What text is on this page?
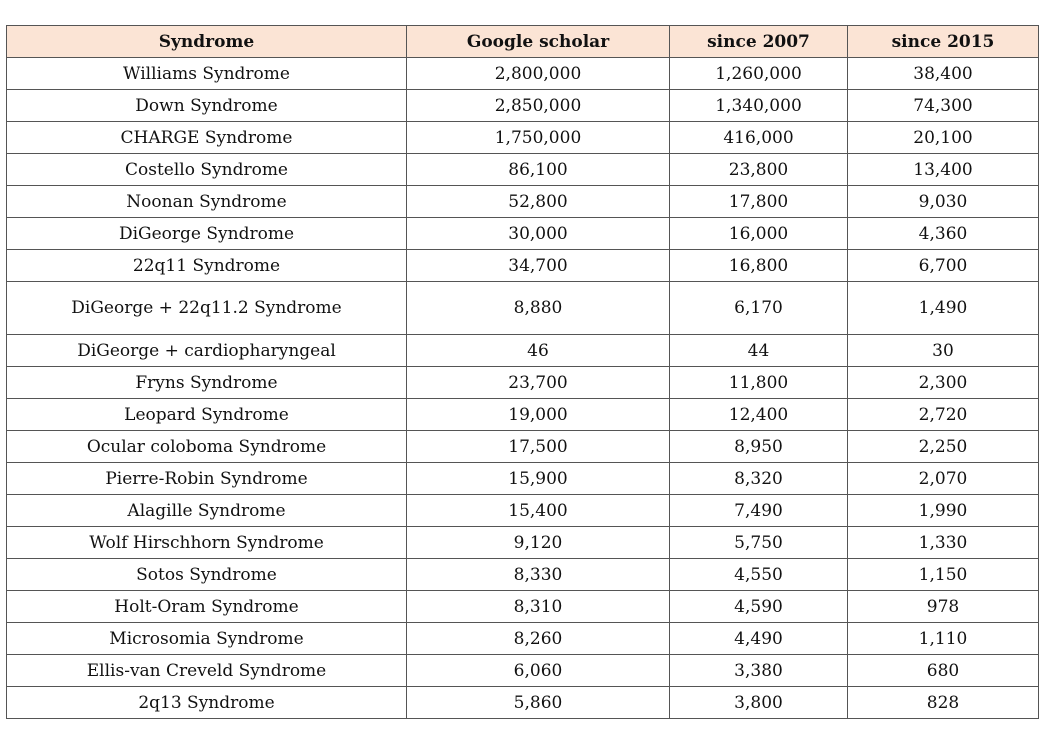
Syndrome	Google scholar	since 2007	since 2015
Williams Syndrome	2,800,000	1,260,000	38,400
Down Syndrome	2,850,000	1,340,000	74,300
CHARGE Syndrome	1,750,000	416,000	20,100
Costello Syndrome	86,100	23,800	13,400
Noonan Syndrome	52,800	17,800	9,030
DiGeorge Syndrome	30,000	16,000	4,360
22q11 Syndrome	34,700	16,800	6,700
DiGeorge + 22q11.2 Syndrome	8,880	6,170	1,490
DiGeorge + cardiopharyngeal	46	44	30
Fryns Syndrome	23,700	11,800	2,300
Leopard Syndrome	19,000	12,400	2,720
Ocular coloboma Syndrome	17,500	8,950	2,250
Pierre-Robin Syndrome	15,900	8,320	2,070
Alagille Syndrome	15,400	7,490	1,990
Wolf Hirschhorn Syndrome	9,120	5,750	1,330
Sotos Syndrome	8,330	4,550	1,150
Holt-Oram Syndrome	8,310	4,590	978
Microsomia Syndrome	8,260	4,490	1,110
Ellis-van Creveld Syndrome	6,060	3,380	680
2q13 Syndrome	5,860	3,800	828
